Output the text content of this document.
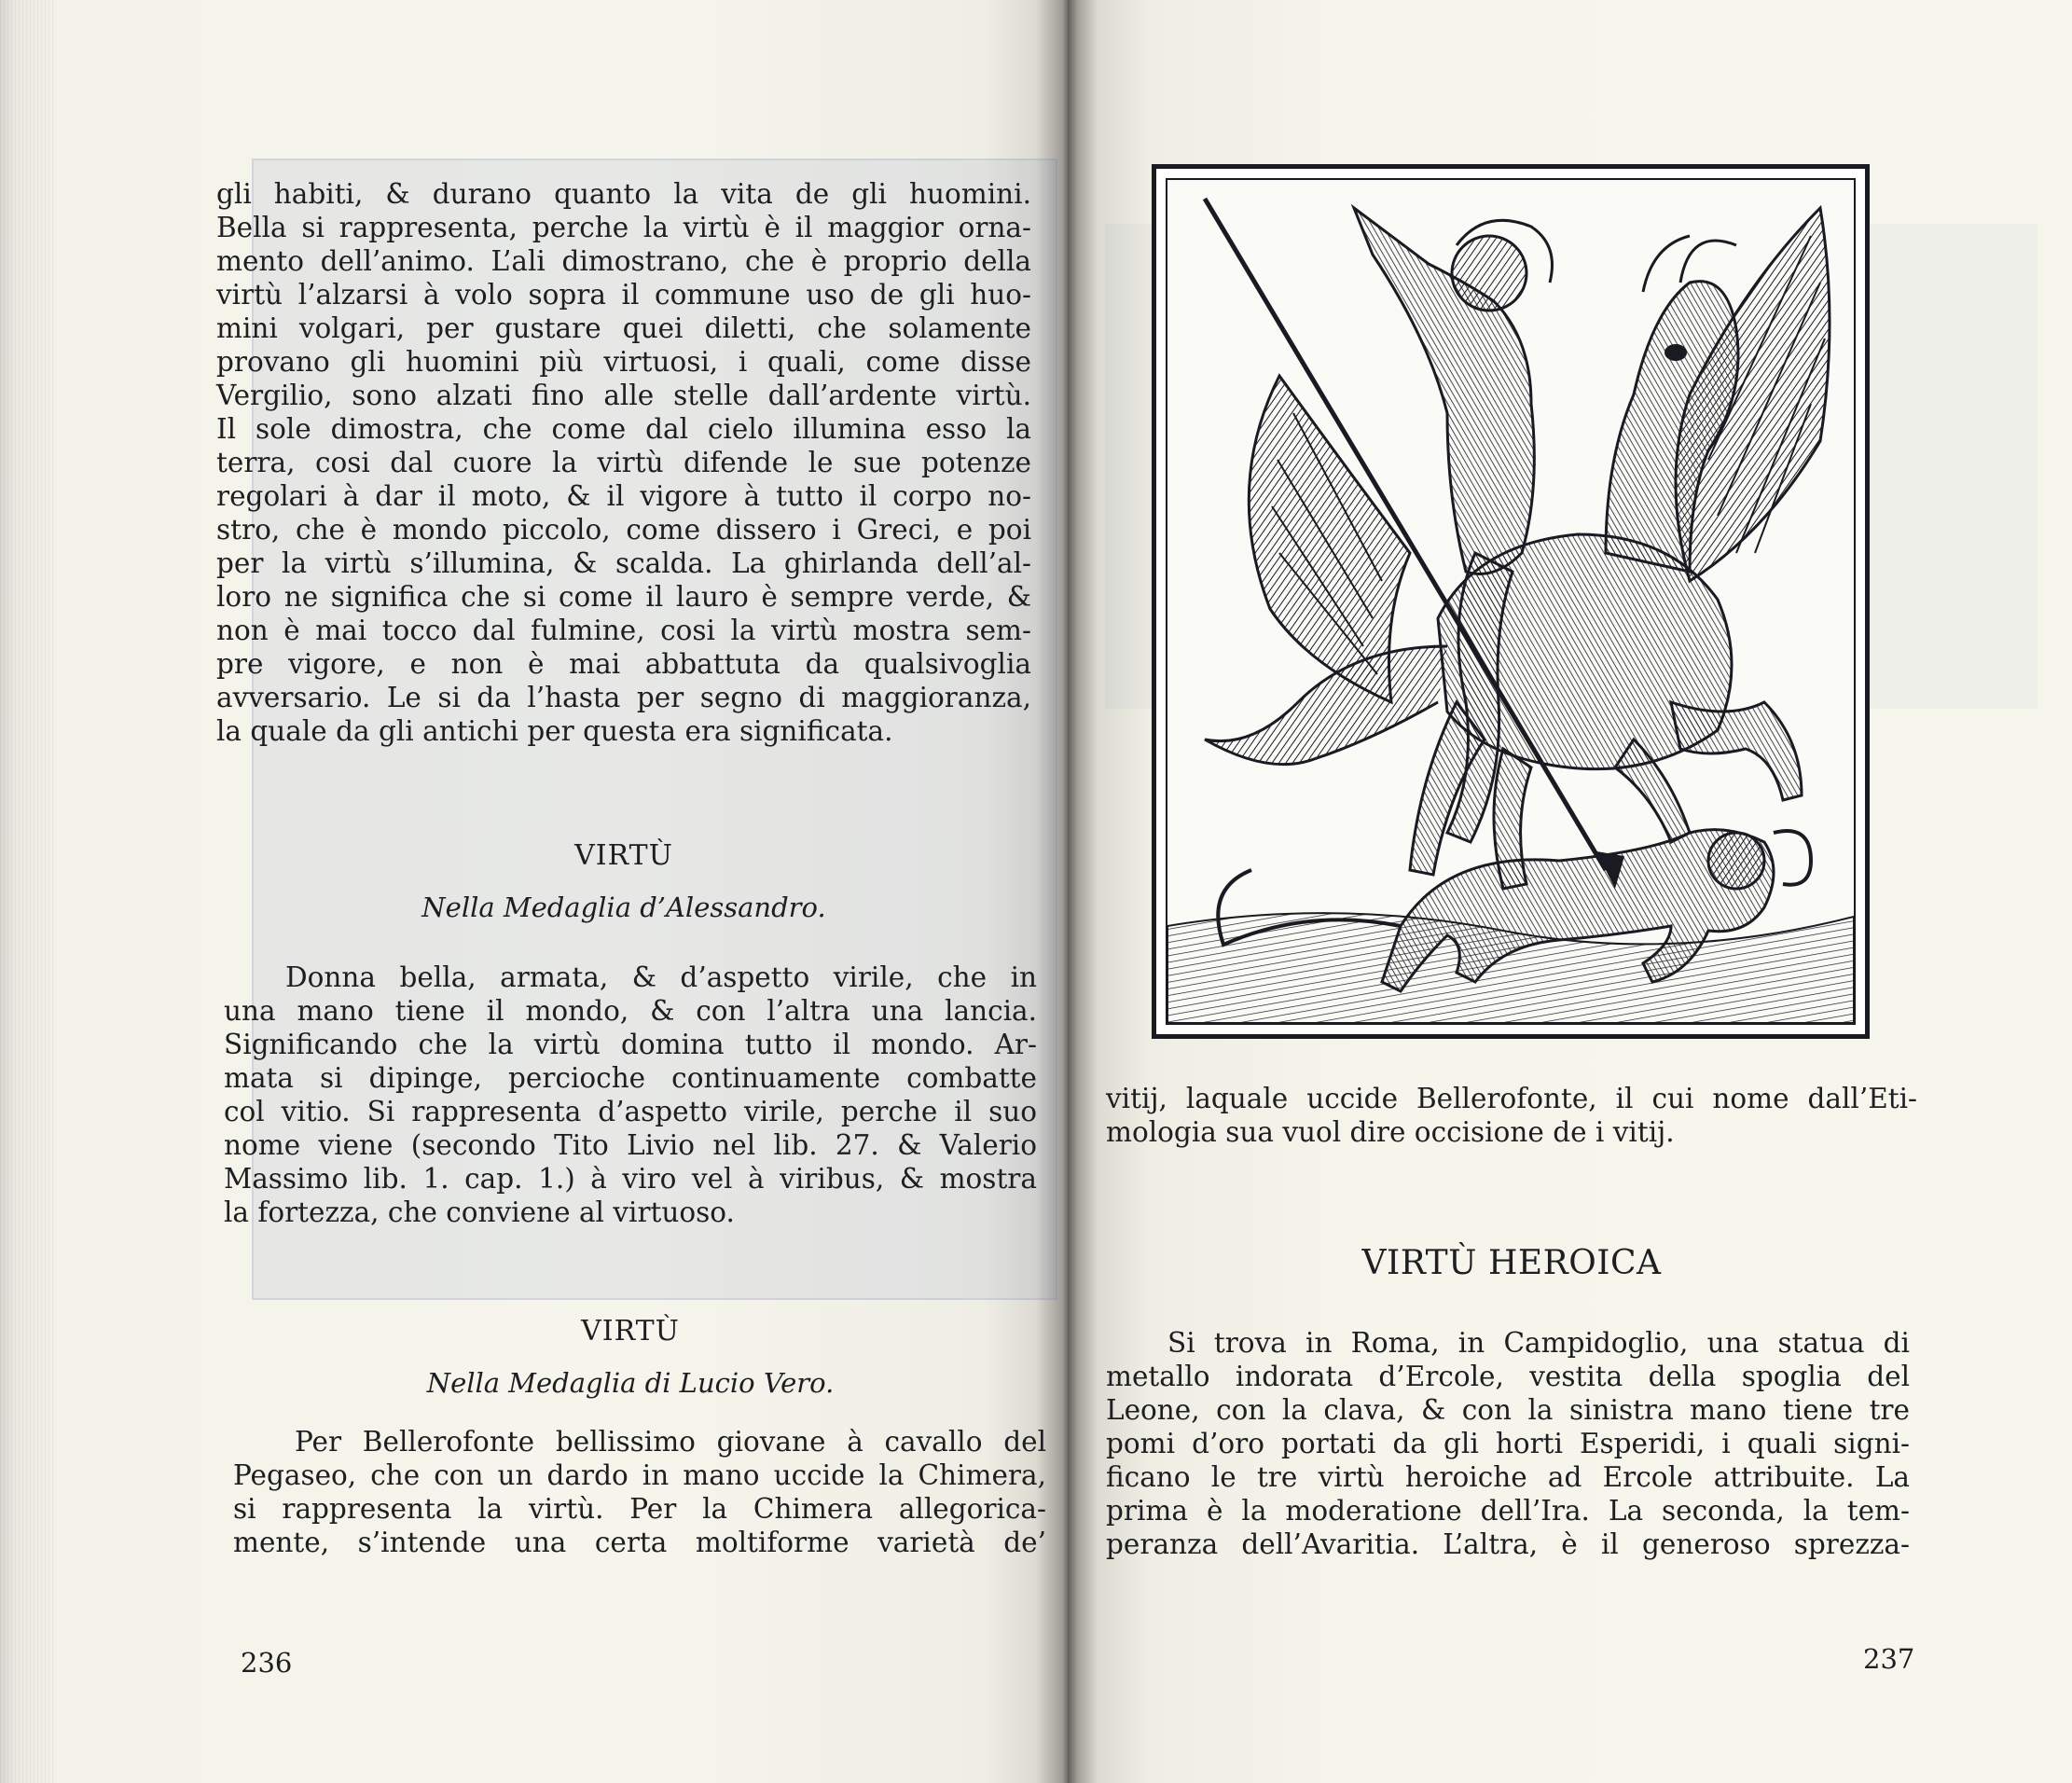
gli habiti, & durano quanto la vita de gli huomini.
Bella si rappresenta, perche la virtù è il maggior orna-
mento dell’animo. L’ali dimostrano, che è proprio della
virtù l’alzarsi à volo sopra il commune uso de gli huo-
mini volgari, per gustare quei diletti, che solamente
provano gli huomini più virtuosi, i quali, come disse
Vergilio, sono alzati fino alle stelle dall’ardente virtù.
Il sole dimostra, che come dal cielo illumina esso la
terra, cosi dal cuore la virtù difende le sue potenze
regolari à dar il moto, & il vigore à tutto il corpo no-
stro, che è mondo piccolo, come dissero i Greci, e poi
per la virtù s’illumina, & scalda. La ghirlanda dell’al-
loro ne significa che si come il lauro è sempre verde, &
non è mai tocco dal fulmine, cosi la virtù mostra sem-
pre vigore, e non è mai abbattuta da qualsivoglia
avversario. Le si da l’hasta per segno di maggioranza,
la quale da gli antichi per questa era significata.
VIRTÙ
Nella Medaglia d’Alessandro.
Donna bella, armata, & d’aspetto virile, che in
una mano tiene il mondo, & con l’altra una lancia.
Significando che la virtù domina tutto il mondo. Ar-
mata si dipinge, percioche continuamente combatte
col vitio. Si rappresenta d’aspetto virile, perche il suo
nome viene (secondo Tito Livio nel lib. 27. & Valerio
Massimo lib. 1. cap. 1.) à viro vel à viribus, & mostra
la fortezza, che conviene al virtuoso.
VIRTÙ
Nella Medaglia di Lucio Vero.
Per Bellerofonte bellissimo giovane à cavallo del
Pegaseo, che con un dardo in mano uccide la Chimera,
si rappresenta la virtù. Per la Chimera allegorica-
mente, s’intende una certa moltiforme varietà de’
236
vitij, laquale uccide Bellerofonte, il cui nome dall’Eti-
mologia sua vuol dire occisione de i vitij.
VIRTÙ HEROICA
Si trova in Roma, in Campidoglio, una statua di
metallo indorata d’Ercole, vestita della spoglia del
Leone, con la clava, & con la sinistra mano tiene tre
pomi d’oro portati da gli horti Esperidi, i quali signi-
ficano le tre virtù heroiche ad Ercole attribuite. La
prima è la moderatione dell’Ira. La seconda, la tem-
peranza dell’Avaritia. L’altra, è il generoso sprezza-
237
